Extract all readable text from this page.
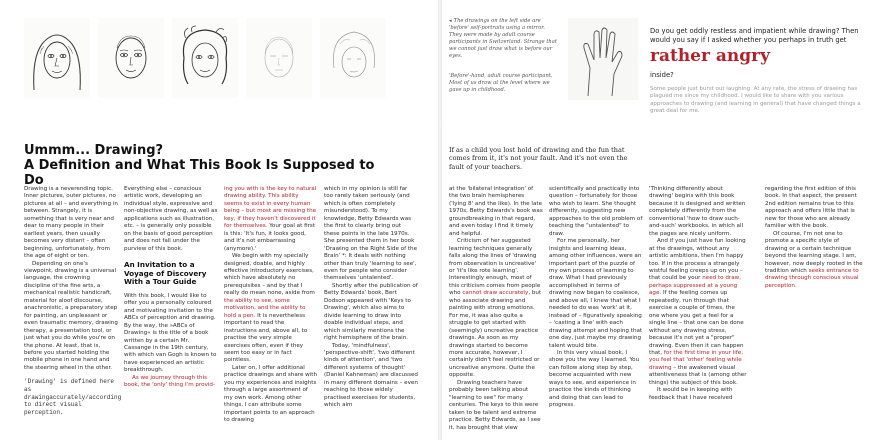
◂ The drawings on the left side are 'before' self-portraits using a mirror. They were made by adult course participants in Switzerland. Strange that we cannot just draw what is before our eyes.
'Before'-hand, adult course participant. Most of us draw at the level where we gave up in childhood.
Do you get oddly restless and impatient while drawing? Then would you say if I asked whether you perhaps in truth get
rather angry
inside?
Some people just burst out laughing. At any rate, the stress of drawing has plagued me since my childhood. I would like to share with you various approaches to drawing (and learning in general) that have changed things a great deal for me.
Ummm... Drawing?
A Definition and What This Book Is Supposed to Do
If as a child you lost hold of drawing and the fun that comes from it, it's not your fault. And it's not even the fault of your teachers.

Drawing is a neverending topic. Inner pictures, outer pictures, no pictures at all – and everything in between. Strangely, it is something that is very near and dear to many people in their earliest years, then usually becomes very distant – often beginning, unfortunately, from the age of eight or ten.

Depending on one's viewpoint, drawing is a universal language, the crowning discipline of the fine arts, a mechanical realistic handicraft, material for aloof discourse, anachronistic, a preparatory step for painting, an unpleasant or even traumatic memory, drawing therapy, a presentation tool, or just what you do while you're on the phone. At least, that is, before you started holding the mobile phone in one hand and the steering wheel in the other.

'Drawing' is defined here as drawingaccurately/according to direct visual perception.

Everything else – conscious artistic work, developing an individual style, expressive and non-objective drawing, as well as applications such as illustration, etc. – is generally only possible on the basis of good perception and does not fall under the purview of this book.

An Invitation to a Voyage of Discovery With a Tour Guide

With this book, I would like to offer you a personally coloured and motivating invitation to the ABCs of perception and drawing. By the way, the »ABCs of Drawing« is the title of a book written by a certain Mr. Cassange in the 19th century, with which van Gogh is known to have experienced an artistic breakthrough.

As we journey through this book, the 'only' thing I'm provid-

ing you with is the key to natural drawing ability. This ability seems to exist in every human being – but most are missing the key, if they haven't discovered it for themselves. Your goal at first is this: 'It's fun, it looks good, and it's not embarrassing (anymore).'

We begin with my specially designed, doable, and highly effective introductory exercises, which have absolutely no prerequisites – and by that I really do mean none, aside from the ability to see, some motivation, and the ability to hold a pen. It is nevertheless important to read the instructions and, above all, to practise the very simple exercises often, even if they seem too easy or in fact pointless.

Later on, I offer additional practice drawings and share with you my experiences and insights through a large assortment of my own work. Among other things, I can attribute some important points to an approach to drawing

which in my opinion is still far too rarely taken seriously (and which is often completely misunderstood). To my knowledge, Betty Edwards was the first to clearly bring out these points in the late 1970s. She presented them in her book 'Drawing on the Right Side of the Brain' *: It deals with nothing other than truly 'learning to see', even for people who consider themselves 'untalented'.

Shortly after the publication of Betty Edwards' book, Bert Dodson appeared with 'Keys to Drawing', which also aims to divide learning to draw into doable individual steps, and which similarly mentions the right hemisphere of the brain.

Today, 'mindfulness', 'perspective-shift', 'two different kinds of attention', and 'two different systems of thought' (Daniel Kahneman) are discussed in many different domains – even reaching to those widely practised exercises for students, which aim

at the 'bilateral integration' of the two brain hemispheres ('lying 8' and the like). In the late 1970s, Betty Edwards's book was groundbreaking in that regard, and even today I find it timely and helpful.

Criticism of her suggested learning techniques generally falls along the lines of 'drawing from observation is uncreative' or 'it's like rote learning'. Interestingly enough, most of this criticism comes from people who cannot draw accurately, but who associate drawing and painting with strong emotions. For me, it was also quite a struggle to get started with (seemingly) uncreative practice drawings. As soon as my drawings started to become more accurate, however, I certainly didn't feel restricted or uncreative anymore. Quite the opposite.

Drawing teachers have probably been talking about "learning to see" for many centuries. The keys to this were taken to be talent and extreme practice. Betty Edwards, as I see it, has brought that view

scientifically and practically into question – fortunately for those who wish to learn. She thought differently, suggesting new approaches to the old problem of teaching the "untalented" to draw.

For me personally, her insights and learning ideas, among other influences, were an important part of the puzzle of my own process of learning to draw. What I had previously accomplished in terms of drawing now began to coalesce, and above all, I knew that what I needed to do was 'work' at it, instead of – figuratively speaking – 'casting a line' with each drawing attempt and hoping that one day, just maybe my drawing talent would bite.

In this very visual book, I show you the way I learned. You can follow along step by step, become acquainted with new ways to see, and experience in practice the kinds of thinking and doing that can lead to progress.

'Thinking differently about drawing' begins with this book because it is designed and written completely differently from the conventional 'how to draw such-and-such' workbooks, in which all the pages are nicely uniform.

And if you just have fun looking at the drawings, without any artistic ambitions, then I'm happy too. If in the process a strangely wistful feeling creeps up on you – that could be your need to draw, perhaps suppressed at a young age. If the feeling comes up repeatedly, run through that exercise a couple of times, the one where you get a feel for a single line – that one can be done without any drawing stress, because it's not yet a "proper" drawing. Even then it can happen that, for the first time in your life, you feel that 'other' feeling while drawing – the awakened visual attentiveness that is (among other things) the subject of this book.

It would be in keeping with feedback that I have received

regarding the first edition of this book. In that aspect, the present 2nd edition remains true to this approach and offers little that is new for those who are already familiar with the book.

Of course, I'm not one to promote a specific style of drawing or a certain technique beyond the learning stage. I am, however, now deeply rooted in the tradition which seeks entrance to drawing through conscious visual perception.
